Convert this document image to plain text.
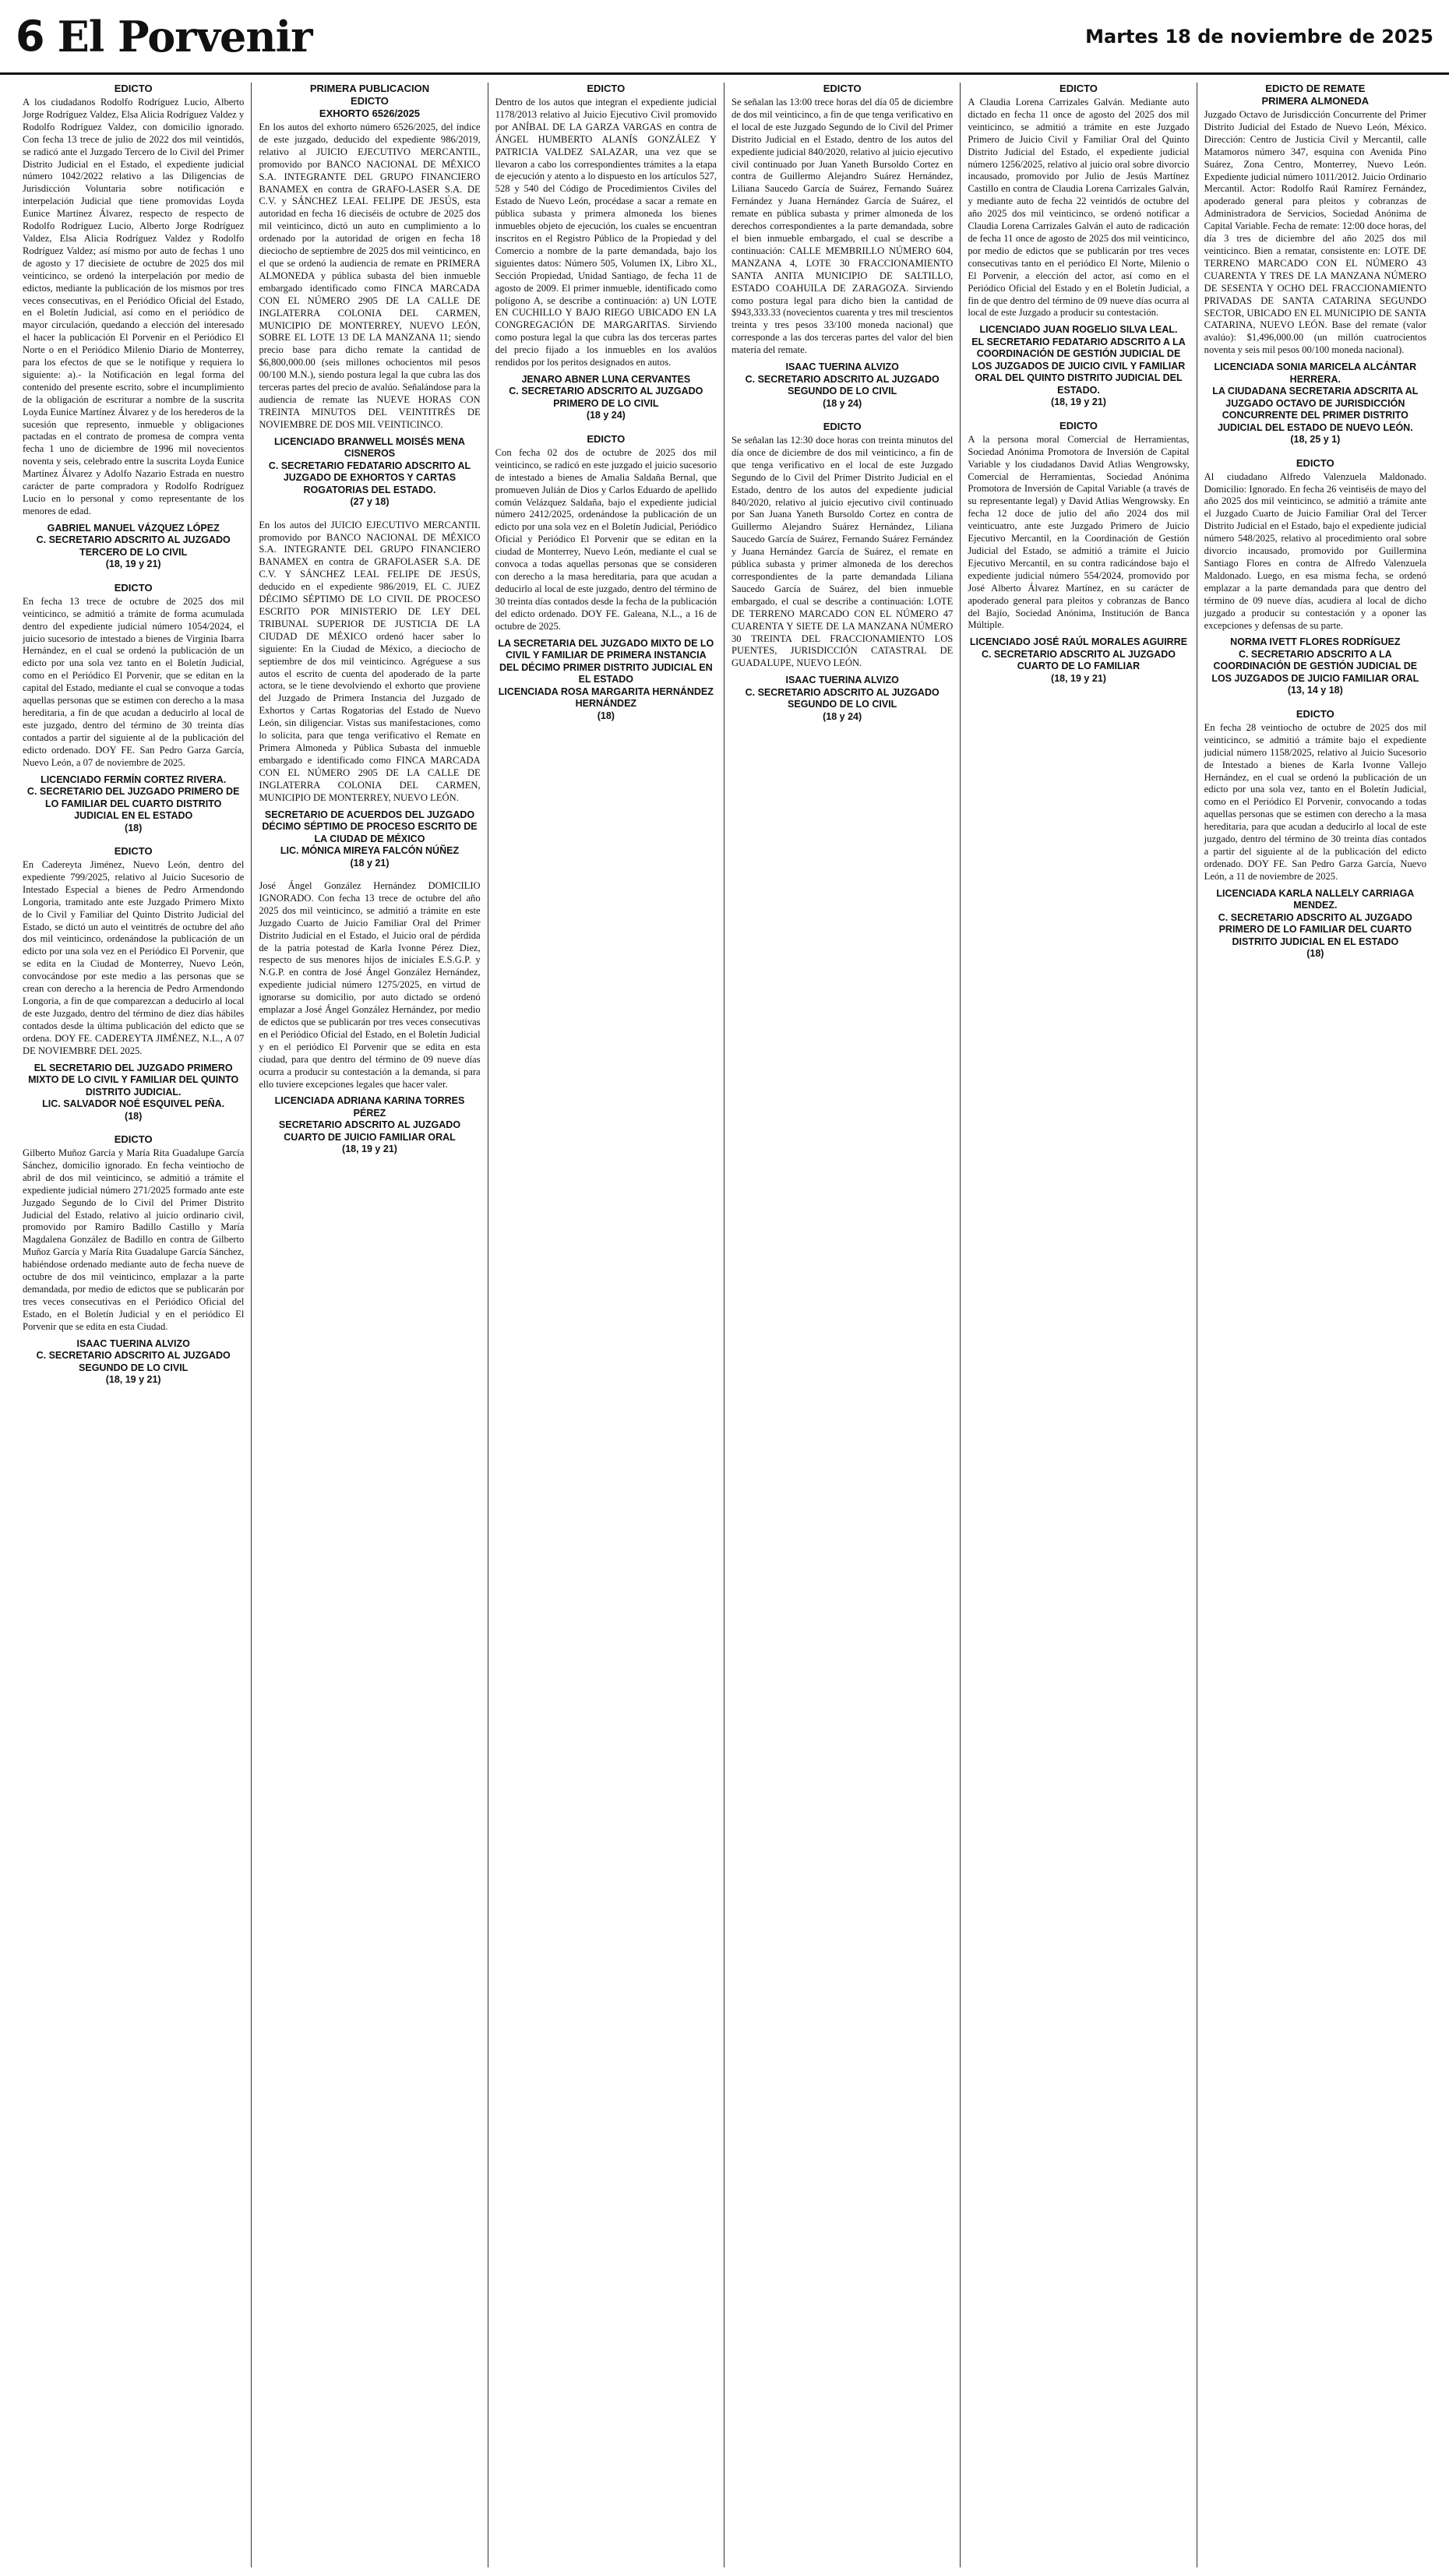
6 El Porvenir	Martes 18 de noviembre de 2025
EDICTO
A los ciudadanos Rodolfo Rodríguez Lucio, Alberto Jorge Rodríguez Valdez, Elsa Alicia Rodríguez Valdez y Rodolfo Rodríguez Valdez, con domicilio ignorado. Con fecha 13 trece de julio de 2022 dos mil veintidós, se radicó ante el Juzgado Tercero de lo Civil del Primer Distrito Judicial en el Estado, el expediente judicial número 1042/2022 relativo a las Diligencias de Jurisdicción Voluntaria sobre notificación e interpelación Judicial que tiene promovidas Loyda Eunice Martínez Álvarez, respecto de respecto de Rodolfo Rodríguez Lucio, Alberto Jorge Rodríguez Valdez, Elsa Alicia Rodríguez Valdez y Rodolfo Rodríguez Valdez; así mismo por auto de fechas 1 uno de agosto y 17 diecisiete de octubre de 2025 dos mil veinticinco, se ordenó la interpelación por medio de edictos, mediante la publicación de los mismos por tres veces consecutivas, en el Periódico Oficial del Estado, en el Boletín Judicial, así como en el periódico de mayor circulación, quedando a elección del interesado el hacer la publicación El Porvenir en el Periódico El Norte o en el Periódico Milenio Diario de Monterrey, para los efectos de que se le notifique y requiera lo siguiente: a).- la Notificación en legal forma del contenido del presente escrito, sobre el incumplimiento de la obligación de escriturar a nombre de la suscrita Loyda Eunice Martínez Álvarez y de los herederos de la sucesión que represento, inmueble y obligaciones pactadas en el contrato de promesa de compra venta fecha 1 uno de diciembre de 1996 mil novecientos noventa y seis, celebrado entre la suscrita Loyda Eunice Martínez Álvarez y Adolfo Nazario Estrada en nuestro carácter de parte compradora y Rodolfo Rodríguez Lucio en lo personal y como representante de los menores de edad.
GABRIEL MANUEL VÁZQUEZ LÓPEZ
C. SECRETARIO ADSCRITO AL JUZGADO TERCERO DE LO CIVIL
(18, 19 y 21)
EDICTO
En fecha 13 trece de octubre de 2025 dos mil veinticinco, se admitió a trámite de forma acumulada dentro del expediente judicial número 1054/2024, el juicio sucesorio de intestado a bienes de Virginia Ibarra Hernández, en el cual se ordenó la publicación de un edicto por una sola vez tanto en el Boletín Judicial, como en el Periódico El Porvenir, que se editan en la capital del Estado, mediante el cual se convoque a todas aquellas personas que se estimen con derecho a la masa hereditaria, a fin de que acudan a deducirlo al local de este juzgado, dentro del término de 30 treinta días contados a partir del siguiente al de la publicación del edicto ordenado. DOY FE. San Pedro Garza García, Nuevo León, a 07 de noviembre de 2025.
LICENCIADO FERMÍN CORTEZ RIVERA.
C. SECRETARIO DEL JUZGADO PRIMERO DE LO FAMILIAR DEL CUARTO DISTRITO JUDICIAL EN EL ESTADO
(18)
EDICTO
En Cadereyta Jiménez, Nuevo León, dentro del expediente 799/2025, relativo al Juicio Sucesorio de Intestado Especial a bienes de Pedro Armendondo Longoria, tramitado ante este Juzgado Primero Mixto de lo Civil y Familiar del Quinto Distrito Judicial del Estado, se dictó un auto el veintitrés de octubre del año dos mil veinticinco, ordenándose la publicación de un edicto por una sola vez en el Periódico El Porvenir, que se edita en la Ciudad de Monterrey, Nuevo León, convocándose por este medio a las personas que se crean con derecho a la herencia de Pedro Armendondo Longoria, a fin de que comparezcan a deducirlo al local de este Juzgado, dentro del término de diez días hábiles contados desde la última publicación del edicto que se ordena. DOY FE. CADEREYTA JIMÉNEZ, N.L., A 07 DE NOVIEMBRE DEL 2025.
EL SECRETARIO DEL JUZGADO PRIMERO MIXTO DE LO CIVIL Y FAMILIAR DEL QUINTO DISTRITO JUDICIAL.
LIC. SALVADOR NOÉ ESQUIVEL PEÑA.
(18)
EDICTO
Gilberto Muñoz García y María Rita Guadalupe García Sánchez, domicilio ignorado. En fecha veintiocho de abril de dos mil veinticinco, se admitió a trámite el expediente judicial número 271/2025 formado ante este Juzgado Segundo de lo Civil del Primer Distrito Judicial del Estado, relativo al juicio ordinario civil, promovido por Ramiro Badillo Castillo y María Magdalena González de Badillo en contra de Gilberto Muñoz García y María Rita Guadalupe García Sánchez, habiéndose ordenado mediante auto de fecha nueve de octubre de dos mil veinticinco, emplazar a la parte demandada, por medio de edictos que se publicarán por tres veces consecutivas en el Periódico Oficial del Estado, en el Boletín Judicial y en el periódico El Porvenir que se edita en esta Ciudad.
ISAAC TUERINA ALVIZO
C. SECRETARIO ADSCRITO AL JUZGADO SEGUNDO DE LO CIVIL
(18, 19 y 21)
PRIMERA PUBLICACION
EDICTO
EXHORTO 6526/2025
En los autos del exhorto número 6526/2025, del índice de este juzgado, deducido del expediente 986/2019, relativo al JUICIO EJECUTIVO MERCANTIL, promovido por BANCO NACIONAL DE MÉXICO S.A. INTEGRANTE DEL GRUPO FINANCIERO BANAMEX en contra de GRAFO-LASER S.A. DE C.V. y SÁNCHEZ LEAL FELIPE DE JESÚS, esta autoridad en fecha 16 dieciséis de octubre de 2025 dos mil veinticinco, dictó un auto en cumplimiento a lo ordenado por la autoridad de origen en fecha 18 dieciocho de septiembre de 2025 dos mil veinticinco, en el que se ordenó la audiencia de remate en PRIMERA ALMONEDA y pública subasta del bien inmueble embargado identificado como FINCA MARCADA CON EL NÚMERO 2905 DE LA CALLE DE INGLATERRA COLONIA DEL CARMEN, MUNICIPIO DE MONTERREY, NUEVO LEÓN, SOBRE EL LOTE 13 DE LA MANZANA 11; siendo precio base para dicho remate la cantidad de $6,800,000.00 (seis millones ochocientos mil pesos 00/100 M.N.), siendo postura legal la que cubra las dos terceras partes del precio de avalúo. Señalándose para la audiencia de remate las NUEVE HORAS CON TREINTA MINUTOS DEL VEINTITRÉS DE NOVIEMBRE DE DOS MIL VEINTICINCO.
LICENCIADO BRANWELL MOISÉS MENA CISNEROS
C. SECRETARIO FEDATARIO ADSCRITO AL JUZGADO DE EXHORTOS Y CARTAS ROGATORIAS DEL ESTADO.
(27 y 18)
En los autos del JUICIO EJECUTIVO MERCANTIL promovido por BANCO NACIONAL DE MÉXICO S.A. INTEGRANTE DEL GRUPO FINANCIERO BANAMEX en contra de GRAFOLASER S.A. DE C.V. Y SÁNCHEZ LEAL FELIPE DE JESÚS, deducido en el expediente 986/2019, EL C. JUEZ DÉCIMO SÉPTIMO DE LO CIVIL DE PROCESO ESCRITO POR MINISTERIO DE LEY DEL TRIBUNAL SUPERIOR DE JUSTICIA DE LA CIUDAD DE MÉXICO ordenó hacer saber lo siguiente: En la Ciudad de México, a dieciocho de septiembre de dos mil veinticinco. Agréguese a sus autos el escrito de cuenta del apoderado de la parte actora, se le tiene devolviendo el exhorto que proviene del Juzgado de Primera Instancia del Juzgado de Exhortos y Cartas Rogatorias del Estado de Nuevo León, sin diligenciar. Vistas sus manifestaciones, como lo solicita, para que tenga verificativo el Remate en Primera Almoneda y Pública Subasta del inmueble embargado e identificado como FINCA MARCADA CON EL NÚMERO 2905 DE LA CALLE DE INGLATERRA COLONIA DEL CARMEN, MUNICIPIO DE MONTERREY, NUEVO LEÓN.
SECRETARIO DE ACUERDOS DEL JUZGADO DÉCIMO SÉPTIMO DE PROCESO ESCRITO DE LA CIUDAD DE MÉXICO
LIC. MÓNICA MIREYA FALCÓN NÚÑEZ
(18 y 21)
José Ángel González Hernández DOMICILIO IGNORADO. Con fecha 13 trece de octubre del año 2025 dos mil veinticinco, se admitió a trámite en este Juzgado Cuarto de Juicio Familiar Oral del Primer Distrito Judicial en el Estado, el Juicio oral de pérdida de la patria potestad de Karla Ivonne Pérez Diez, respecto de sus menores hijos de iniciales E.S.G.P. y N.G.P. en contra de José Ángel González Hernández, expediente judicial número 1275/2025, en virtud de ignorarse su domicilio, por auto dictado se ordenó emplazar a José Ángel González Hernández, por medio de edictos que se publicarán por tres veces consecutivas en el Periódico Oficial del Estado, en el Boletín Judicial y en el periódico El Porvenir que se edita en esta ciudad, para que dentro del término de 09 nueve días ocurra a producir su contestación a la demanda, si para ello tuviere excepciones legales que hacer valer.
LICENCIADA ADRIANA KARINA TORRES PÉREZ
SECRETARIO ADSCRITO AL JUZGADO CUARTO DE JUICIO FAMILIAR ORAL
(18, 19 y 21)
EDICTO
Dentro de los autos que integran el expediente judicial 1178/2013 relativo al Juicio Ejecutivo Civil promovido por ANÍBAL DE LA GARZA VARGAS en contra de ÁNGEL HUMBERTO ALANÍS GONZÁLEZ Y PATRICIA VALDEZ SALAZAR, una vez que se llevaron a cabo los correspondientes trámites a la etapa de ejecución y atento a lo dispuesto en los artículos 527, 528 y 540 del Código de Procedimientos Civiles del Estado de Nuevo León, procédase a sacar a remate en pública subasta y primera almoneda los bienes inmuebles objeto de ejecución, los cuales se encuentran inscritos en el Registro Público de la Propiedad y del Comercio a nombre de la parte demandada, bajo los siguientes datos: Número 505, Volumen IX, Libro XL, Sección Propiedad, Unidad Santiago, de fecha 11 de agosto de 2009. El primer inmueble, identificado como polígono A, se describe a continuación: a) UN LOTE EN CUCHILLO Y BAJO RIEGO UBICADO EN LA CONGREGACIÓN DE MARGARITAS. Sirviendo como postura legal la que cubra las dos terceras partes del precio fijado a los inmuebles en los avalúos rendidos por los peritos designados en autos.
JENARO ABNER LUNA CERVANTES
C. SECRETARIO ADSCRITO AL JUZGADO PRIMERO DE LO CIVIL
(18 y 24)
EDICTO
Con fecha 02 dos de octubre de 2025 dos mil veinticinco, se radicó en este juzgado el juicio sucesorio de intestado a bienes de Amalia Saldaña Bernal, que promueven Julián de Dios y Carlos Eduardo de apellido común Velázquez Saldaña, bajo el expediente judicial número 2412/2025, ordenándose la publicación de un edicto por una sola vez en el Boletín Judicial, Periódico Oficial y Periódico El Porvenir que se editan en la ciudad de Monterrey, Nuevo León, mediante el cual se convoca a todas aquellas personas que se consideren con derecho a la masa hereditaria, para que acudan a deducirlo al local de este juzgado, dentro del término de 30 treinta días contados desde la fecha de la publicación del edicto ordenado. DOY FE. Galeana, N.L., a 16 de octubre de 2025.
LA SECRETARIA DEL JUZGADO MIXTO DE LO CIVIL Y FAMILIAR DE PRIMERA INSTANCIA DEL DÉCIMO PRIMER DISTRITO JUDICIAL EN EL ESTADO
LICENCIADA ROSA MARGARITA HERNÁNDEZ HERNÁNDEZ
(18)
EDICTO
Se señalan las 13:00 trece horas del día 05 de diciembre de dos mil veinticinco, a fin de que tenga verificativo en el local de este Juzgado Segundo de lo Civil del Primer Distrito Judicial en el Estado, dentro de los autos del expediente judicial 840/2020, relativo al juicio ejecutivo civil continuado por Juan Yaneth Bursoldo Cortez en contra de Guillermo Alejandro Suárez Hernández, Liliana Saucedo García de Suárez, Fernando Suárez Fernández y Juana Hernández García de Suárez, el remate en pública subasta y primer almoneda de los derechos correspondientes a la parte demandada, sobre el bien inmueble embargado, el cual se describe a continuación: CALLE MEMBRILLO NÚMERO 604, MANZANA 4, LOTE 30 FRACCIONAMIENTO SANTA ANITA MUNICIPIO DE SALTILLO, ESTADO COAHUILA DE ZARAGOZA. Sirviendo como postura legal para dicho bien la cantidad de $943,333.33 (novecientos cuarenta y tres mil trescientos treinta y tres pesos 33/100 moneda nacional) que corresponde a las dos terceras partes del valor del bien materia del remate.
ISAAC TUERINA ALVIZO
C. SECRETARIO ADSCRITO AL JUZGADO SEGUNDO DE LO CIVIL
(18 y 24)
EDICTO
Se señalan las 12:30 doce horas con treinta minutos del día once de diciembre de dos mil veinticinco, a fin de que tenga verificativo en el local de este Juzgado Segundo de lo Civil del Primer Distrito Judicial en el Estado, dentro de los autos del expediente judicial 840/2020, relativo al juicio ejecutivo civil continuado por San Juana Yaneth Bursoldo Cortez en contra de Guillermo Alejandro Suárez Hernández, Liliana Saucedo García de Suárez, Fernando Suárez Fernández y Juana Hernández García de Suárez, el remate en pública subasta y primer almoneda de los derechos correspondientes de la parte demandada Liliana Saucedo García de Suárez, del bien inmueble embargado, el cual se describe a continuación: LOTE DE TERRENO MARCADO CON EL NÚMERO 47 CUARENTA Y SIETE DE LA MANZANA NÚMERO 30 TREINTA DEL FRACCIONAMIENTO LOS PUENTES, JURISDICCIÓN CATASTRAL DE GUADALUPE, NUEVO LEÓN.
ISAAC TUERINA ALVIZO
C. SECRETARIO ADSCRITO AL JUZGADO SEGUNDO DE LO CIVIL
(18 y 24)
EDICTO
A Claudia Lorena Carrizales Galván. Mediante auto dictado en fecha 11 once de agosto del 2025 dos mil veinticinco, se admitió a trámite en este Juzgado Primero de Juicio Civil y Familiar Oral del Quinto Distrito Judicial del Estado, el expediente judicial número 1256/2025, relativo al juicio oral sobre divorcio incausado, promovido por Julio de Jesús Martínez Castillo en contra de Claudia Lorena Carrizales Galván, y mediante auto de fecha 22 veintidós de octubre del año 2025 dos mil veinticinco, se ordenó notificar a Claudia Lorena Carrizales Galván el auto de radicación de fecha 11 once de agosto de 2025 dos mil veinticinco, por medio de edictos que se publicarán por tres veces consecutivas tanto en el periódico El Norte, Milenio o El Porvenir, a elección del actor, así como en el Periódico Oficial del Estado y en el Boletín Judicial, a fin de que dentro del término de 09 nueve días ocurra al local de este Juzgado a producir su contestación.
LICENCIADO JUAN ROGELIO SILVA LEAL.
EL SECRETARIO FEDATARIO ADSCRITO A LA COORDINACIÓN DE GESTIÓN JUDICIAL DE LOS JUZGADOS DE JUICIO CIVIL Y FAMILIAR ORAL DEL QUINTO DISTRITO JUDICIAL DEL ESTADO.
(18, 19 y 21)
EDICTO
A la persona moral Comercial de Herramientas, Sociedad Anónima Promotora de Inversión de Capital Variable y los ciudadanos David Atlias Wengrowsky, Comercial de Herramientas, Sociedad Anónima Promotora de Inversión de Capital Variable (a través de su representante legal) y David Atlias Wengrowsky. En fecha 12 doce de julio del año 2024 dos mil veinticuatro, ante este Juzgado Primero de Juicio Ejecutivo Mercantil, en la Coordinación de Gestión Judicial del Estado, se admitió a trámite el Juicio Ejecutivo Mercantil, en su contra radicándose bajo el expediente judicial número 554/2024, promovido por José Alberto Álvarez Martínez, en su carácter de apoderado general para pleitos y cobranzas de Banco del Bajío, Sociedad Anónima, Institución de Banca Múltiple.
LICENCIADO JOSÉ RAÚL MORALES AGUIRRE
C. SECRETARIO ADSCRITO AL JUZGADO CUARTO DE LO FAMILIAR
(18, 19 y 21)
EDICTO DE REMATE
PRIMERA ALMONEDA
Juzgado Octavo de Jurisdicción Concurrente del Primer Distrito Judicial del Estado de Nuevo León, México. Dirección: Centro de Justicia Civil y Mercantil, calle Matamoros número 347, esquina con Avenida Pino Suárez, Zona Centro, Monterrey, Nuevo León. Expediente judicial número 1011/2012. Juicio Ordinario Mercantil. Actor: Rodolfo Raúl Ramírez Fernández, apoderado general para pleitos y cobranzas de Administradora de Servicios, Sociedad Anónima de Capital Variable. Fecha de remate: 12:00 doce horas, del día 3 tres de diciembre del año 2025 dos mil veinticinco. Bien a rematar, consistente en: LOTE DE TERRENO MARCADO CON EL NÚMERO 43 CUARENTA Y TRES DE LA MANZANA NÚMERO DE SESENTA Y OCHO DEL FRACCIONAMIENTO PRIVADAS DE SANTA CATARINA SEGUNDO SECTOR, UBICADO EN EL MUNICIPIO DE SANTA CATARINA, NUEVO LEÓN. Base del remate (valor avalúo): $1,496,000.00 (un millón cuatrocientos noventa y seis mil pesos 00/100 moneda nacional).
LICENCIADA SONIA MARICELA ALCÁNTAR HERRERA.
LA CIUDADANA SECRETARIA ADSCRITA AL JUZGADO OCTAVO DE JURISDICCIÓN CONCURRENTE DEL PRIMER DISTRITO JUDICIAL DEL ESTADO DE NUEVO LEÓN.
(18, 25 y 1)
EDICTO
Al ciudadano Alfredo Valenzuela Maldonado. Domicilio: Ignorado. En fecha 26 veintiséis de mayo del año 2025 dos mil veinticinco, se admitió a trámite ante el Juzgado Cuarto de Juicio Familiar Oral del Tercer Distrito Judicial en el Estado, bajo el expediente judicial número 548/2025, relativo al procedimiento oral sobre divorcio incausado, promovido por Guillermina Santiago Flores en contra de Alfredo Valenzuela Maldonado. Luego, en esa misma fecha, se ordenó emplazar a la parte demandada para que dentro del término de 09 nueve días, acudiera al local de dicho juzgado a producir su contestación y a oponer las excepciones y defensas de su parte.
NORMA IVETT FLORES RODRÍGUEZ
C. SECRETARIO ADSCRITO A LA COORDINACIÓN DE GESTIÓN JUDICIAL DE LOS JUZGADOS DE JUICIO FAMILIAR ORAL
(13, 14 y 18)
EDICTO
En fecha 28 veintiocho de octubre de 2025 dos mil veinticinco, se admitió a trámite bajo el expediente judicial número 1158/2025, relativo al Juicio Sucesorio de Intestado a bienes de Karla Ivonne Vallejo Hernández, en el cual se ordenó la publicación de un edicto por una sola vez, tanto en el Boletín Judicial, como en el Periódico El Porvenir, convocando a todas aquellas personas que se estimen con derecho a la masa hereditaria, para que acudan a deducirlo al local de este juzgado, dentro del término de 30 treinta días contados a partir del siguiente al de la publicación del edicto ordenado. DOY FE. San Pedro Garza García, Nuevo León, a 11 de noviembre de 2025.
LICENCIADA KARLA NALLELY CARRIAGA MENDEZ.
C. SECRETARIO ADSCRITO AL JUZGADO PRIMERO DE LO FAMILIAR DEL CUARTO DISTRITO JUDICIAL EN EL ESTADO
(18)
